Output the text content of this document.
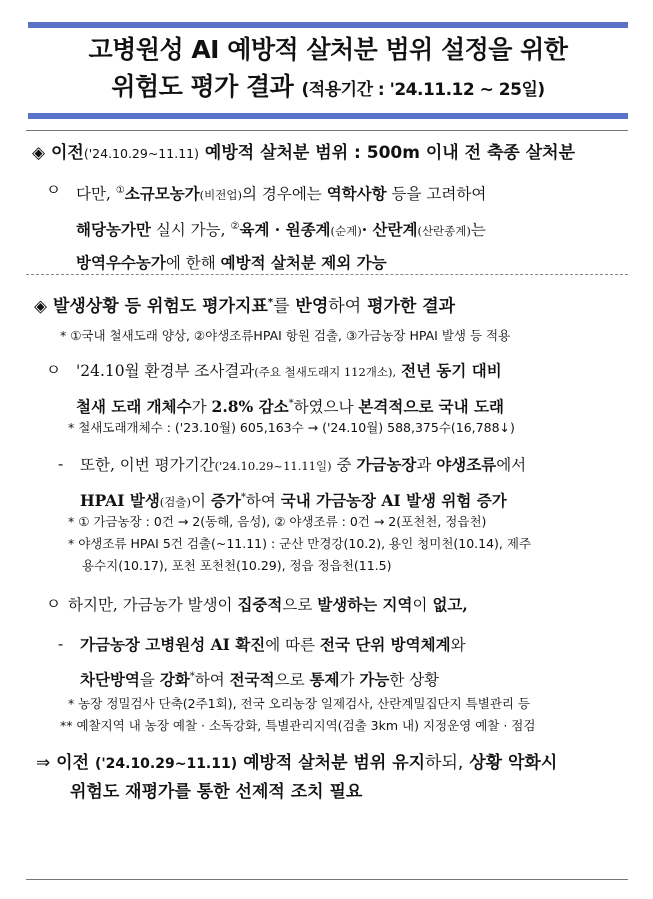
고병원성 AI 예방적 살처분 범위 설정을 위한
위험도 평가 결과 (적용기간 : '24.11.12 ~ 25일)
◈ 이전('24.10.29~11.11) 예방적 살처분 범위 : 500m 이내 전 축종 살처분
ㅇ 다만, ①소규모농가(비전업)의 경우에는 역학사항 등을 고려하여
해당농가만 실시 가능, ②육계 · 원종계(순계)· 산란계(산란종계)는
방역우수농가에 한해 예방적 살처분 제외 가능
◈ 발생상황 등 위험도 평가지표*를 반영하여 평가한 결과
* ①국내 철새도래 양상, ②야생조류HPAI 항원 검출, ③가금농장 HPAI 발생 등 적용
ㅇ '24.10월 환경부 조사결과(주요 철새도래지 112개소), 전년 동기 대비
철새 도래 개체수가 2.8% 감소*하였으나 본격적으로 국내 도래
* 철새도래개체수 : ('23.10월) 605,163수 → ('24.10월) 588,375수(16,788↓)
-	또한, 이번 평가기간('24.10.29~11.11일) 중 가금농장과 야생조류에서
HPAI 발생(검출)이 증가*하여 국내 가금농장 AI 발생 위험 증가
* ① 가금농장 : 0건 → 2(동해, 음성), ② 야생조류 : 0건 → 2(포천천, 정읍천)
* 야생조류 HPAI 5건 검출(~11.11) : 군산 만경강(10.2), 용인 청미천(10.14), 제주
용수지(10.17), 포천 포천천(10.29), 정읍 정읍천(11.5)
ㅇ 하지만, 가금농가 발생이 집중적으로 발생하는 지역이 없고,
-	가금농장 고병원성 AI 확진에 따른 전국 단위 방역체계와
차단방역을 강화*하여 전국적으로 통제가 가능한 상황
* 농장 정밀검사 단축(2주1회), 전국 오리농장 일제검사, 산란계밀집단지 특별관리 등
** 예찰지역 내 농장 예찰 · 소독강화, 특별관리지역(검출 3km 내) 지정운영 예찰 · 점검
⇒ 이전 ('24.10.29~11.11) 예방적 살처분 범위 유지하되, 상황 악화시
위험도 재평가를 통한 선제적 조치 필요
